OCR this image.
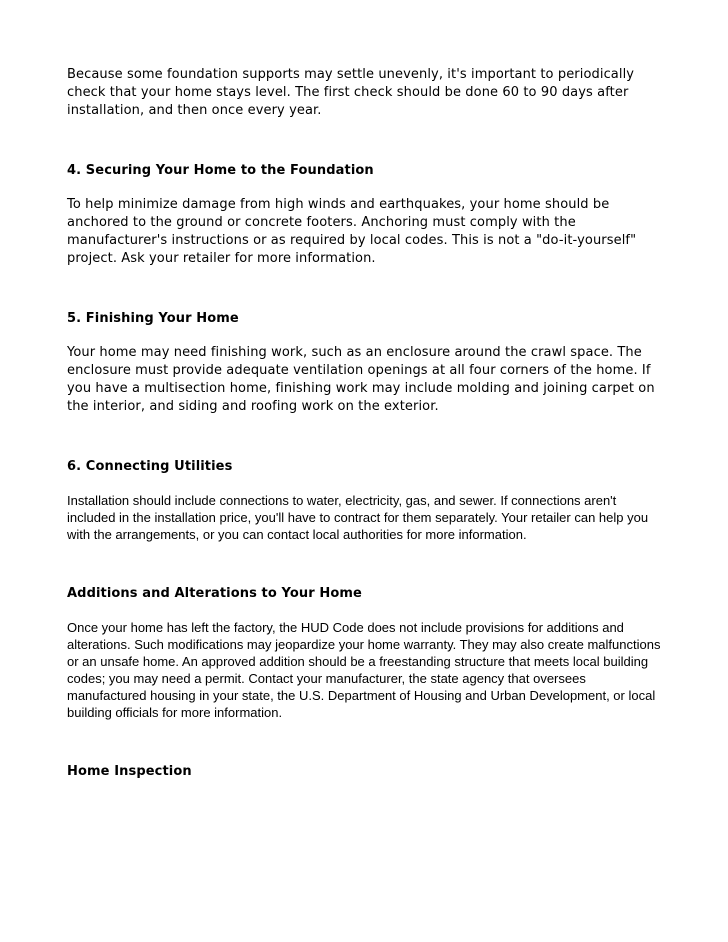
Because some foundation supports may settle unevenly, it's important to periodically check that your home stays level. The first check should be done 60 to 90 days after installation, and then once every year.

4. Securing Your Home to the Foundation

To help minimize damage from high winds and earthquakes, your home should be anchored to the ground or concrete footers. Anchoring must comply with the manufacturer's instructions or as required by local codes. This is not a "do-it-yourself" project. Ask your retailer for more information.

5. Finishing Your Home

Your home may need finishing work, such as an enclosure around the crawl space. The enclosure must provide adequate ventilation openings at all four corners of the home. If you have a multisection home, finishing work may include molding and joining carpet on the interior, and siding and roofing work on the exterior.

6. Connecting Utilities

Installation should include connections to water, electricity, gas, and sewer. If connections aren't included in the installation price, you'll have to contract for them separately. Your retailer can help you with the arrangements, or you can contact local authorities for more information.

Additions and Alterations to Your Home

Once your home has left the factory, the HUD Code does not include provisions for additions and alterations. Such modifications may jeopardize your home warranty. They may also create malfunctions or an unsafe home. An approved addition should be a freestanding structure that meets local building codes; you may need a permit. Contact your manufacturer, the state agency that oversees manufactured housing in your state, the U.S. Department of Housing and Urban Development, or local building officials for more information.

Home Inspection
